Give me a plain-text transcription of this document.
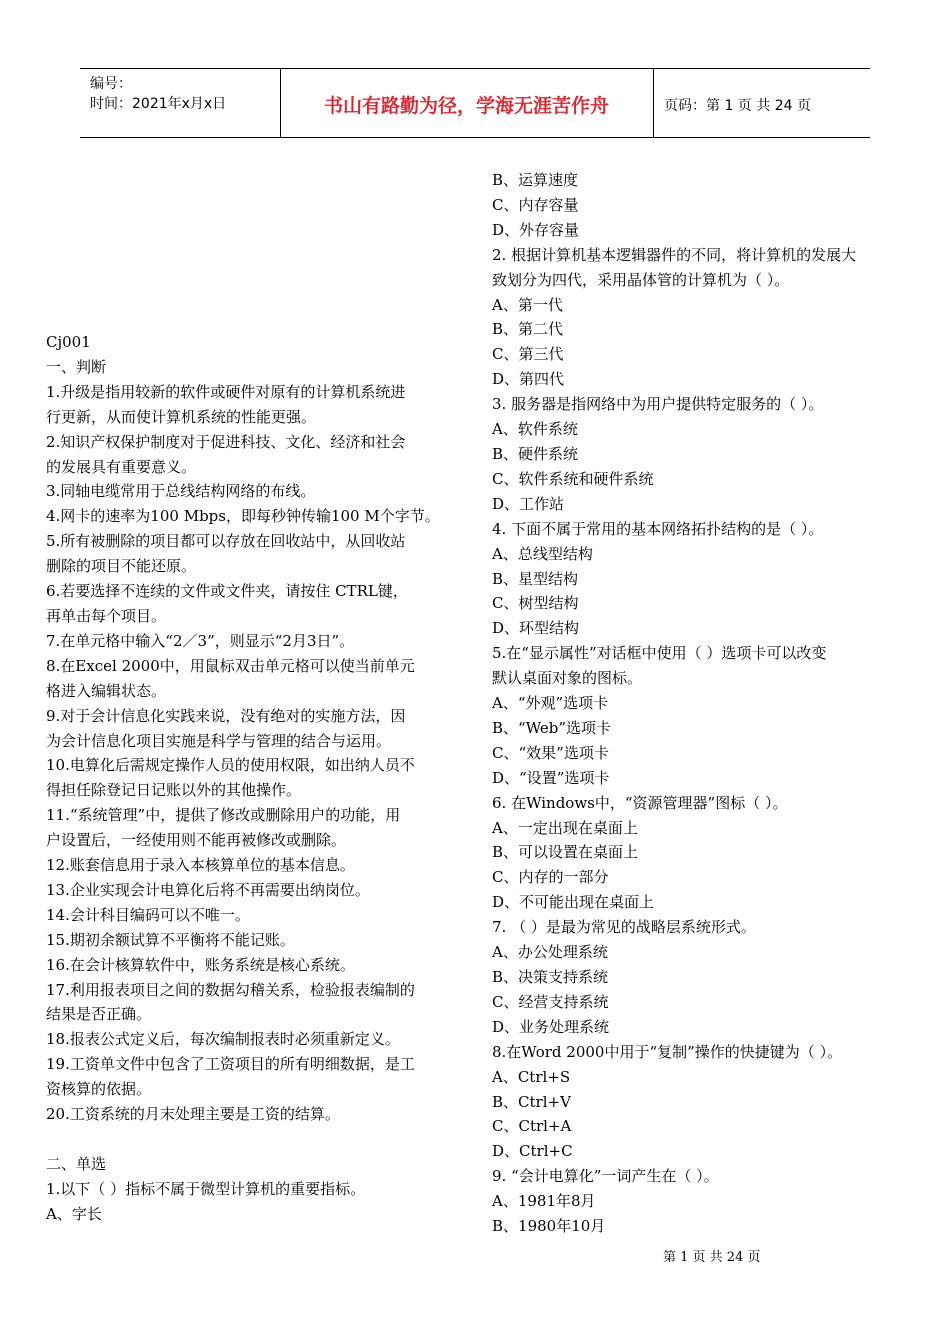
编号：
时间：2021年x月x日	书山有路勤为径，学海无涯苦作舟	页码：第 1 页 共 24 页
Cj001
一、判断
1.升级是指用较新的软件或硬件对原有的计算机系统进
行更新，从而使计算机系统的性能更强。
2.知识产权保护制度对于促进科技、文化、经济和社会
的发展具有重要意义。
3.同轴电缆常用于总线结构网络的布线。
4.网卡的速率为100 Mbps，即每秒钟传输100 M个字节。
5.所有被删除的项目都可以存放在回收站中，从回收站
删除的项目不能还原。
6.若要选择不连续的文件或文件夹，请按住 CTRL键，
再单击每个项目。
7.在单元格中输入“2／3”，则显示“2月3日”。
8.在Excel 2000中，用鼠标双击单元格可以使当前单元
格进入编辑状态。
9.对于会计信息化实践来说，没有绝对的实施方法，因
为会计信息化项目实施是科学与管理的结合与运用。
10.电算化后需规定操作人员的使用权限，如出纳人员不
得担任除登记日记账以外的其他操作。
11.“系统管理”中，提供了修改或删除用户的功能，用
户设置后，一经使用则不能再被修改或删除。
12.账套信息用于录入本核算单位的基本信息。
13.企业实现会计电算化后将不再需要出纳岗位。
14.会计科目编码可以不唯一。
15.期初余额试算不平衡将不能记账。
16.在会计核算软件中，账务系统是核心系统。
17.利用报表项目之间的数据勾稽关系，检验报表编制的
结果是否正确。
18.报表公式定义后，每次编制报表时必须重新定义。
19.工资单文件中包含了工资项目的所有明细数据，是工
资核算的依据。
20.工资系统的月末处理主要是工资的结算。
二、单选
1.以下（ ）指标不属于微型计算机的重要指标。
A、字长
B、运算速度
C、内存容量
D、外存容量
2. 根据计算机基本逻辑器件的不同，将计算机的发展大
致划分为四代，采用晶体管的计算机为（ ）。
A、第一代
B、第二代
C、第三代
D、第四代
3. 服务器是指网络中为用户提供特定服务的（ ）。
A、软件系统
B、硬件系统
C、软件系统和硬件系统
D、工作站
4. 下面不属于常用的基本网络拓扑结构的是（ ）。
A、总线型结构
B、星型结构
C、树型结构
D、环型结构
5.在“显示属性”对话框中使用（ ）选项卡可以改变
默认桌面对象的图标。
A、“外观”选项卡
B、“Web”选项卡
C、“效果”选项卡
D、“设置”选项卡
6. 在Windows中，“资源管理器”图标（ ）。
A、一定出现在桌面上
B、可以设置在桌面上
C、内存的一部分
D、不可能出现在桌面上
7. （ ）是最为常见的战略层系统形式。
A、办公处理系统
B、决策支持系统
C、经营支持系统
D、业务处理系统
8.在Word 2000中用于“复制”操作的快捷键为（ ）。
A、Ctrl+S
B、Ctrl+V
C、Ctrl+A
D、Ctrl+C
9. “会计电算化”一词产生在（ ）。
A、1981年8月
B、1980年10月
第 1 页 共 24 页
